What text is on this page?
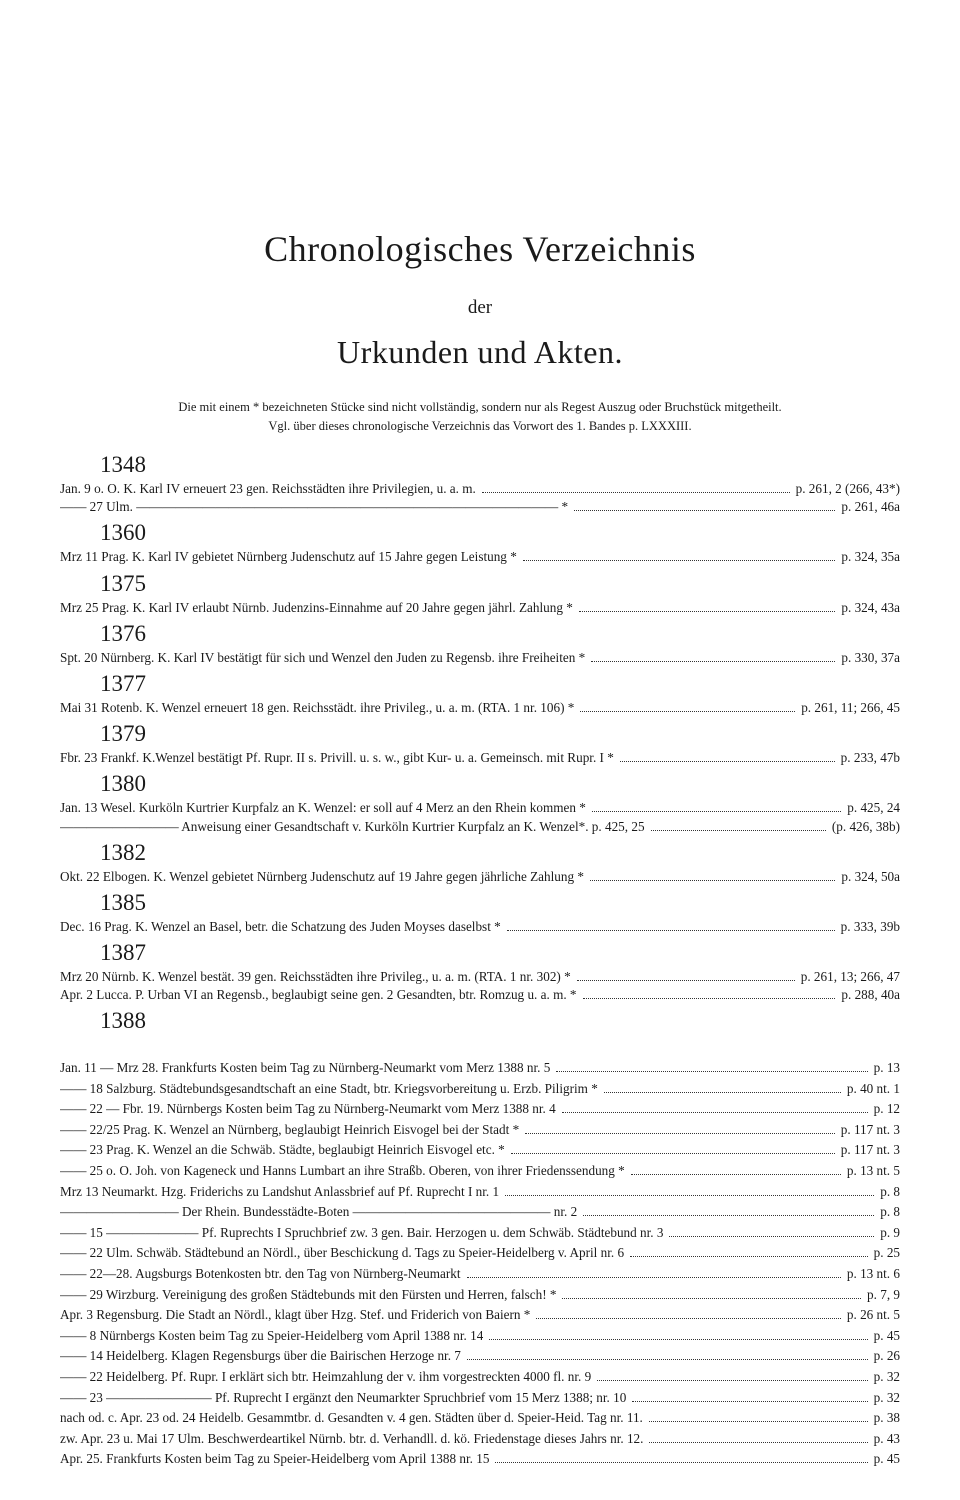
Chronologisches Verzeichnis
der
Urkunden und Akten.
Die mit einem * bezeichneten Stücke sind nicht vollständig, sondern nur als Regest Auszug oder Bruchstück mitgetheilt.
Vgl. über dieses chronologische Verzeichnis das Vorwort des 1. Bandes p. LXXXIII.
1348
Jan. 9 o. O. K. Karl IV erneuert 23 gen. Reichsstädten ihre Privilegien, u. a. m.	p. 261, 2 (266, 43*)
—— 27 Ulm. ———————————————————————————————— *	p. 261, 46a
1360
Mrz 11 Prag. K. Karl IV gebietet Nürnberg Judenschutz auf 15 Jahre gegen Leistung *	p. 324, 35a
1375
Mrz 25 Prag. K. Karl IV erlaubt Nürnb. Judenzins-Einnahme auf 20 Jahre gegen jährl. Zahlung *	p. 324, 43a
1376
Spt. 20 Nürnberg. K. Karl IV bestätigt für sich und Wenzel den Juden zu Regensb. ihre Freiheiten *	p. 330, 37a
1377
Mai 31 Rotenb. K. Wenzel erneuert 18 gen. Reichsstädt. ihre Privileg., u. a. m. (RTA. 1 nr. 106) *	p. 261, 11; 266, 45
1379
Fbr. 23 Frankf. K.Wenzel bestätigt Pf. Rupr. II s. Privill. u. s. w., gibt Kur- u. a. Gemeinsch. mit Rupr. I *	p. 233, 47b
1380
Jan. 13 Wesel. Kurköln Kurtrier Kurpfalz an K. Wenzel: er soll auf 4 Merz an den Rhein kommen *	p. 425, 24
————————— Anweisung einer Gesandtschaft v. Kurköln Kurtrier Kurpfalz an K. Wenzel*. p. 425, 25	(p. 426, 38b)
1382
Okt. 22 Elbogen. K. Wenzel gebietet Nürnberg Judenschutz auf 19 Jahre gegen jährliche Zahlung *	p. 324, 50a
1385
Dec. 16 Prag. K. Wenzel an Basel, betr. die Schatzung des Juden Moyses daselbst *	p. 333, 39b
1387
Mrz 20 Nürnb. K. Wenzel bestät. 39 gen. Reichsstädten ihre Privileg., u. a. m. (RTA. 1 nr. 302) *	p. 261, 13; 266, 47
Apr. 2 Lucca. P. Urban VI an Regensb., beglaubigt seine gen. 2 Gesandten, btr. Romzug u. a. m. *	p. 288, 40a
1388
Jan. 11 — Mrz 28. Frankfurts Kosten beim Tag zu Nürnberg-Neumarkt vom Merz 1388 nr. 5	p. 13
—— 18 Salzburg. Städtebundsgesandtschaft an eine Stadt, btr. Kriegsvorbereitung u. Erzb. Piligrim *	p. 40 nt. 1
—— 22 — Fbr. 19. Nürnbergs Kosten beim Tag zu Nürnberg-Neumarkt vom Merz 1388 nr. 4	p. 12
—— 22/25 Prag. K. Wenzel an Nürnberg, beglaubigt Heinrich Eisvogel bei der Stadt *	p. 117 nt. 3
—— 23 Prag. K. Wenzel an die Schwäb. Städte, beglaubigt Heinrich Eisvogel etc. *	p. 117 nt. 3
—— 25 o. O. Joh. von Kageneck und Hanns Lumbart an ihre Straßb. Oberen, von ihrer Friedenssendung *	p. 13 nt. 5
Mrz 13 Neumarkt. Hzg. Friderichs zu Landshut Anlassbrief auf Pf. Ruprecht I nr. 1	p. 8
————————— Der Rhein. Bundesstädte-Boten ——————————————— nr. 2	p. 8
—— 15 ——————— Pf. Ruprechts I Spruchbrief zw. 3 gen. Bair. Herzogen u. dem Schwäb. Städtebund nr. 3	p. 9
—— 22 Ulm. Schwäb. Städtebund an Nördl., über Beschickung d. Tags zu Speier-Heidelberg v. April nr. 6	p. 25
—— 22—28. Augsburgs Botenkosten btr. den Tag von Nürnberg-Neumarkt	p. 13 nt. 6
—— 29 Wirzburg. Vereinigung des großen Städtebunds mit den Fürsten und Herren, falsch! *	p. 7, 9
Apr. 3 Regensburg. Die Stadt an Nördl., klagt über Hzg. Stef. und Friderich von Baiern *	p. 26 nt. 5
—— 8 Nürnbergs Kosten beim Tag zu Speier-Heidelberg vom April 1388 nr. 14	p. 45
—— 14 Heidelberg. Klagen Regensburgs über die Bairischen Herzoge nr. 7	p. 26
—— 22 Heidelberg. Pf. Rupr. I erklärt sich btr. Heimzahlung der v. ihm vorgestreckten 4000 fl. nr. 9	p. 32
—— 23 ———————— Pf. Ruprecht I ergänzt den Neumarkter Spruchbrief vom 15 Merz 1388; nr. 10	p. 32
nach od. c. Apr. 23 od. 24 Heidelb. Gesammtbr. d. Gesandten v. 4 gen. Städten über d. Speier-Heid. Tag nr. 11.	p. 38
zw. Apr. 23 u. Mai 17 Ulm. Beschwerdeartikel Nürnb. btr. d. Verhandll. d. kö. Friedenstage dieses Jahrs nr. 12.	p. 43
Apr. 25. Frankfurts Kosten beim Tag zu Speier-Heidelberg vom April 1388 nr. 15	p. 45
